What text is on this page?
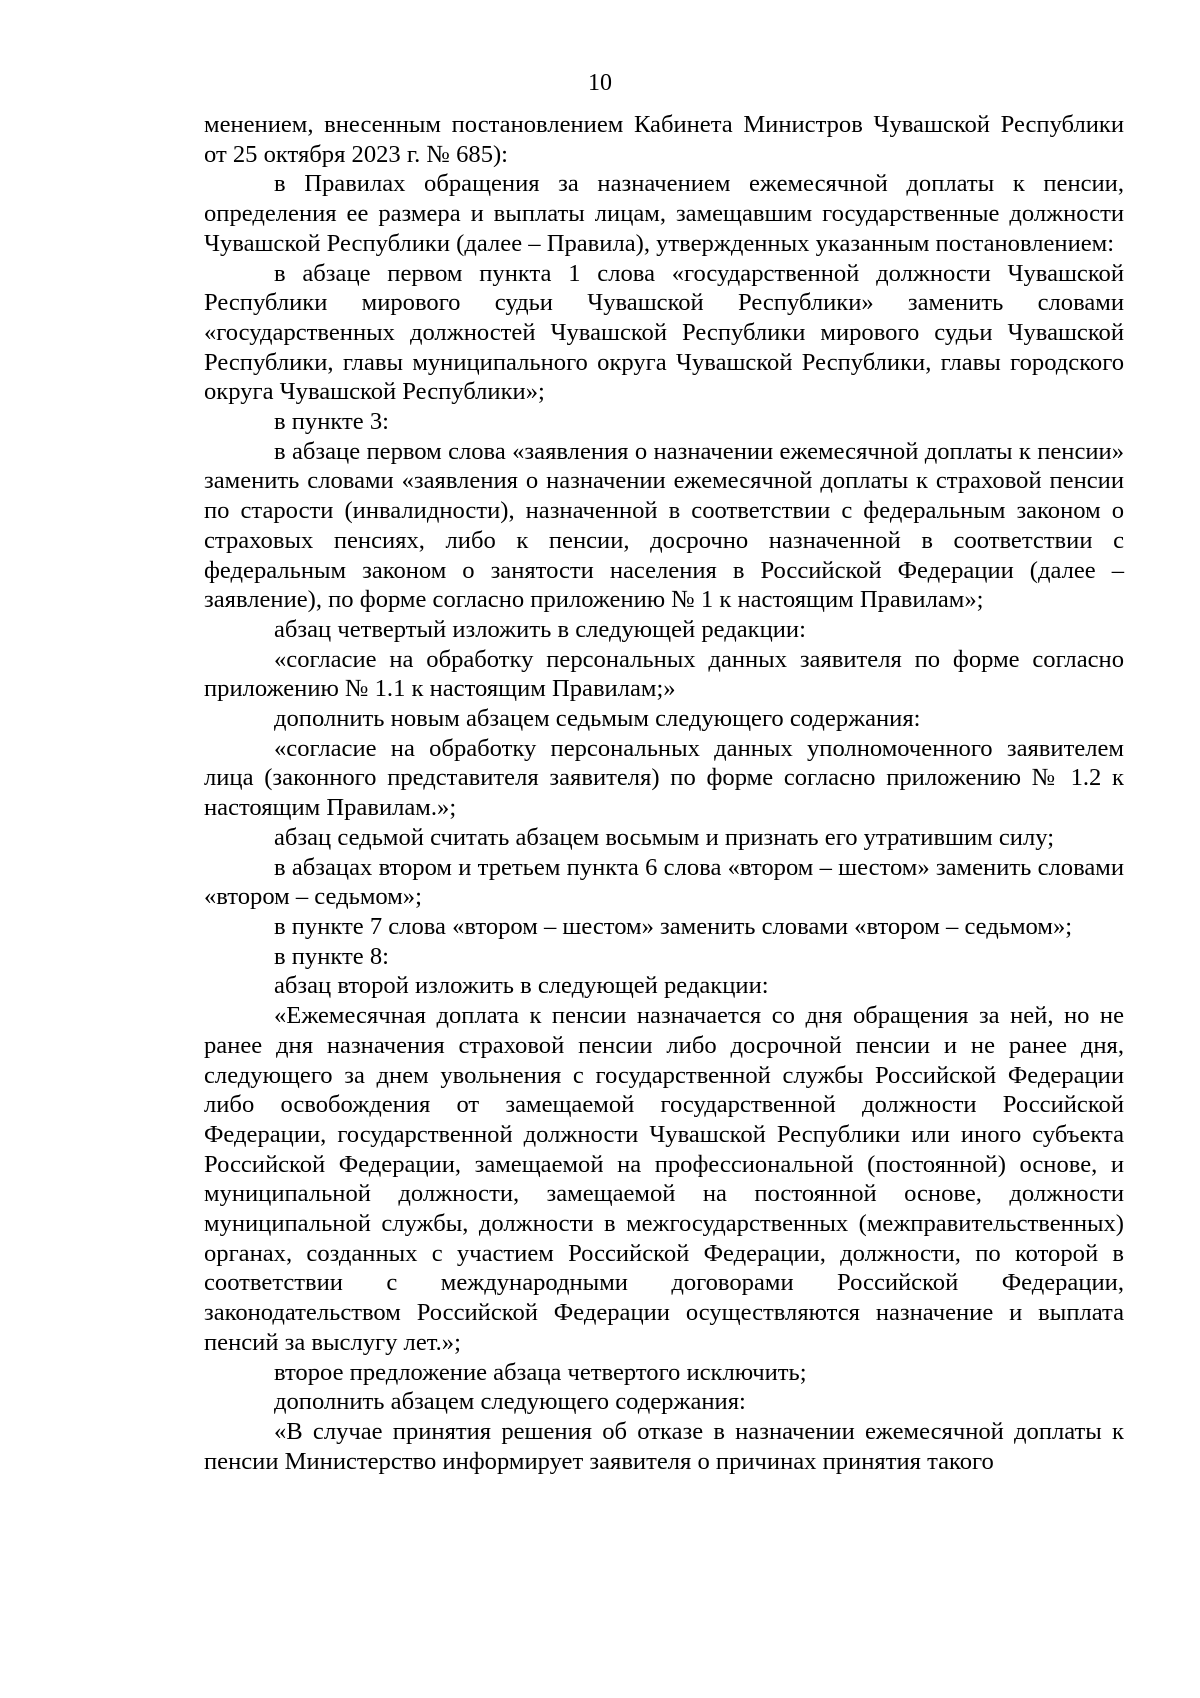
10

менением, внесенным постановлением Кабинета Министров Чувашской Республики от 25 октября 2023 г. № 685):

в Правилах обращения за назначением ежемесячной доплаты к пенсии, определения ее размера и выплаты лицам, замещавшим государственные должности Чувашской Республики (далее – Правила), утвержденных указанным постановлением:

в абзаце первом пункта 1 слова «государственной должности Чувашской Республики мирового судьи Чувашской Республики» заменить словами «государственных должностей Чувашской Республики мирового судьи Чувашской Республики, главы муниципального округа Чувашской Республики, главы городского округа Чувашской Республики»;

в пункте 3:

в абзаце первом слова «заявления о назначении ежемесячной доплаты к пенсии» заменить словами «заявления о назначении ежемесячной доплаты к страховой пенсии по старости (инвалидности), назначенной в соответствии с федеральным законом о страховых пенсиях, либо к пенсии, досрочно назначенной в соответствии с федеральным законом о занятости населения в Российской Федерации (далее – заявление), по форме согласно приложению № 1 к настоящим Правилам»;

абзац четвертый изложить в следующей редакции:

«согласие на обработку персональных данных заявителя по форме согласно приложению № 1.1 к настоящим Правилам;»

дополнить новым абзацем седьмым следующего содержания:

«согласие на обработку персональных данных уполномоченного заявителем лица (законного представителя заявителя) по форме согласно приложению № 1.2 к настоящим Правилам.»;

абзац седьмой считать абзацем восьмым и признать его утратившим силу;

в абзацах втором и третьем пункта 6 слова «втором – шестом» заменить словами «втором – седьмом»;

в пункте 7 слова «втором – шестом» заменить словами «втором – седьмом»;

в пункте 8:

абзац второй изложить в следующей редакции:

«Ежемесячная доплата к пенсии назначается со дня обращения за ней, но не ранее дня назначения страховой пенсии либо досрочной пенсии и не ранее дня, следующего за днем увольнения с государственной службы Российской Федерации либо освобождения от замещаемой государственной должности Российской Федерации, государственной должности Чувашской Республики или иного субъекта Российской Федерации, замещаемой на профессиональной (постоянной) основе, и муниципальной должности, замещаемой на постоянной основе, должности муниципальной службы, должности в межгосударственных (межправительственных) органах, созданных с участием Российской Федерации, должности, по которой в соответствии с международными договорами Российской Федерации, законодательством Российской Федерации осуществляются назначение и выплата пенсий за выслугу лет.»;

второе предложение абзаца четвертого исключить;

дополнить абзацем следующего содержания:

«В случае принятия решения об отказе в назначении ежемесячной доплаты к пенсии Министерство информирует заявителя о причинах принятия такого
